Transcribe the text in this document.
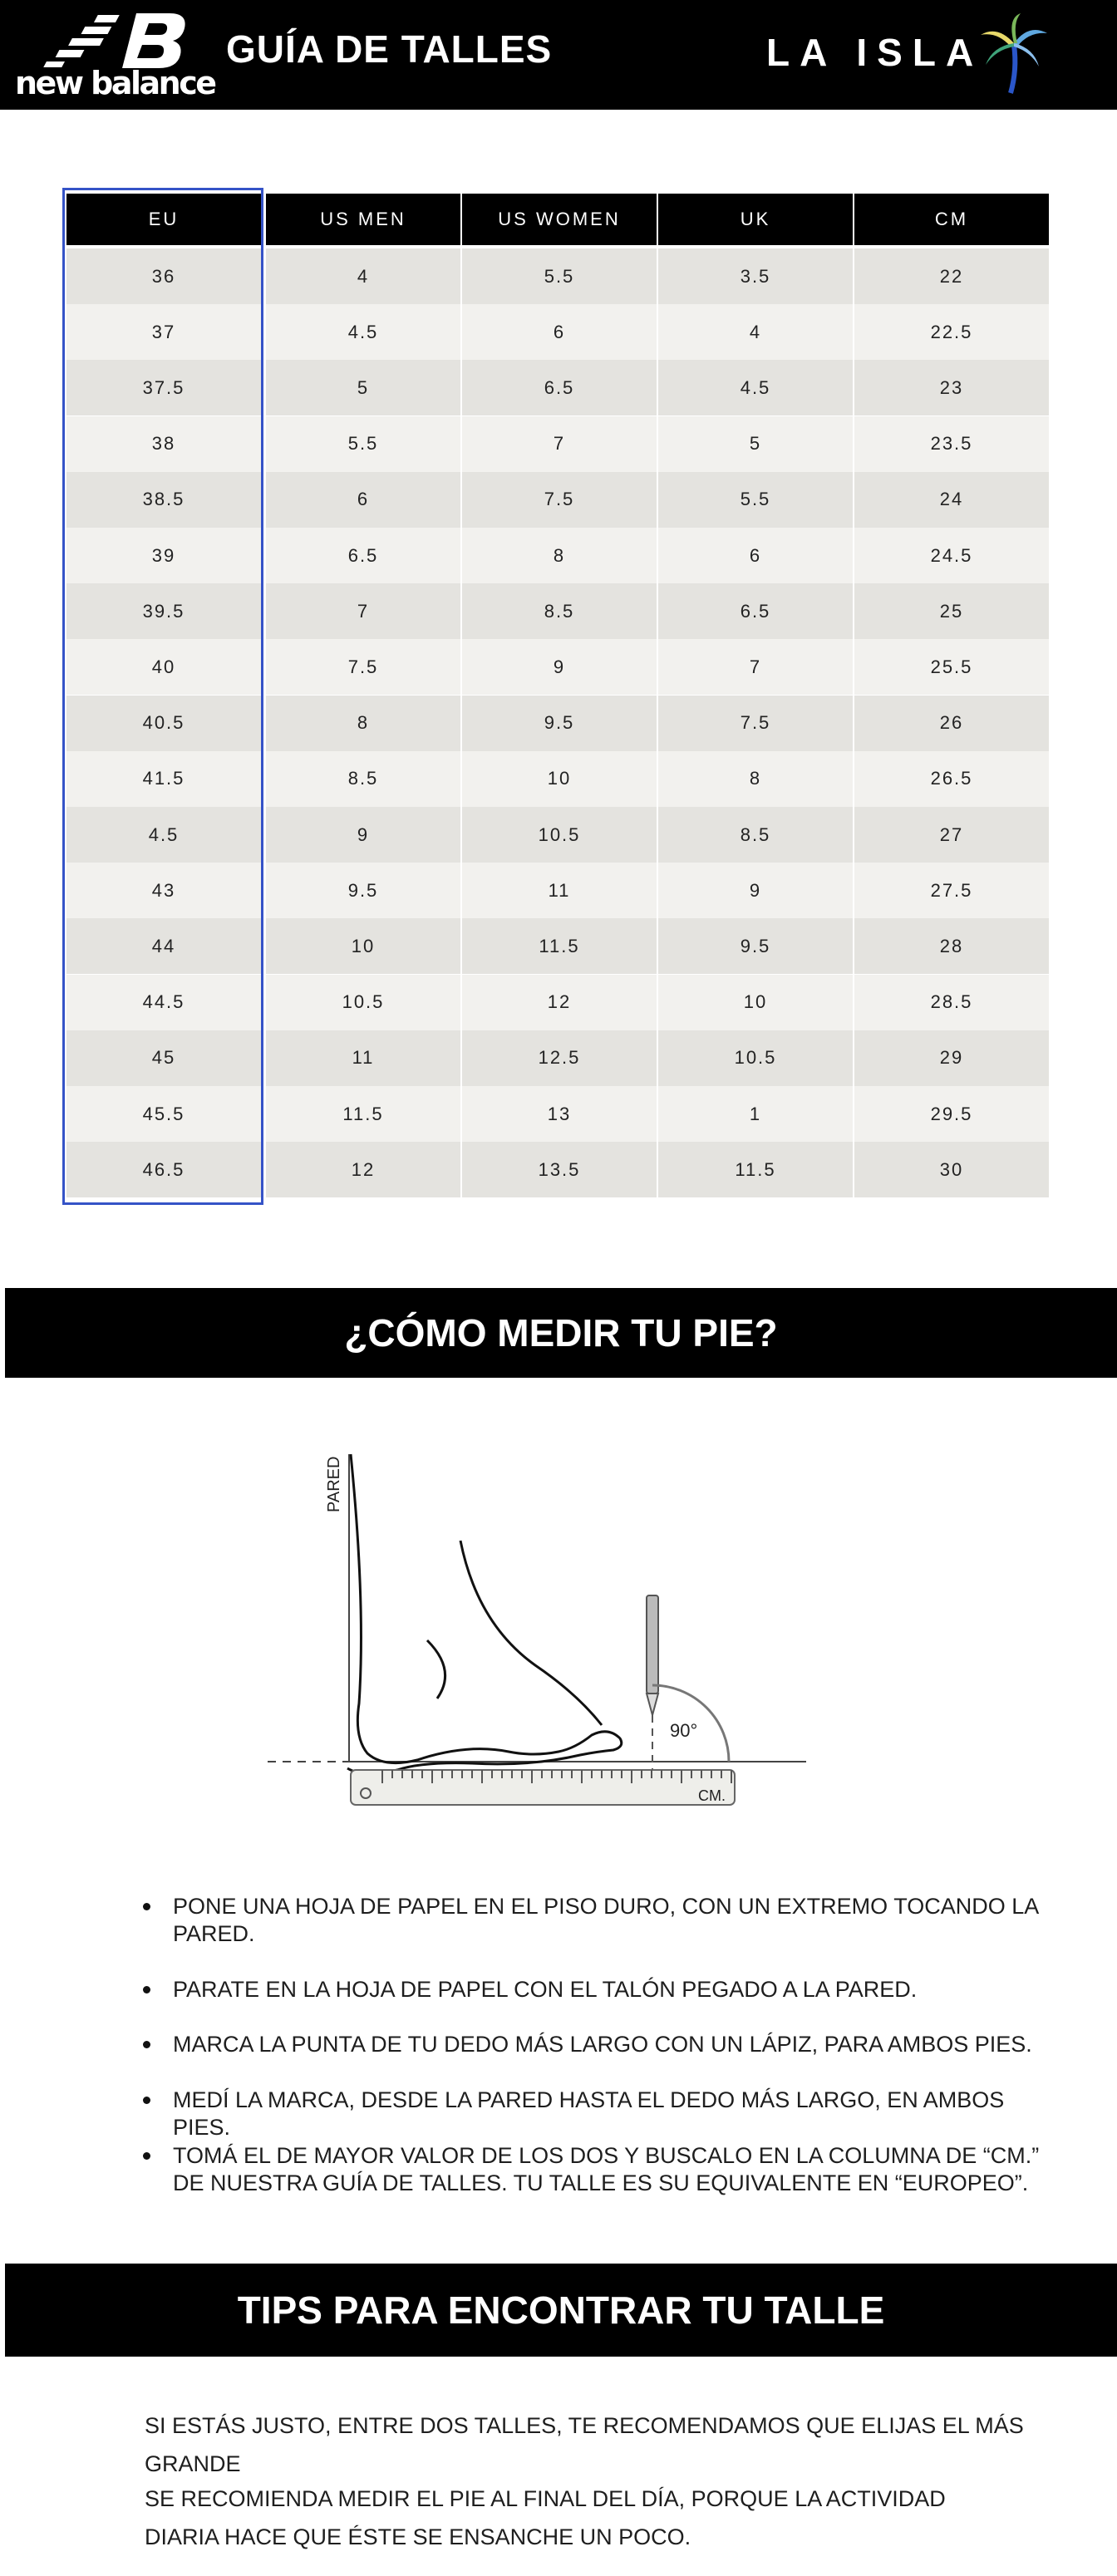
new balance
GUÍA DE TALLES	LA ISLA
EU	US MEN	US WOMEN	UK	CM
36	4	5.5	3.5	22
37	4.5	6	4	22.5
37.5	5	6.5	4.5	23
38	5.5	7	5	23.5
38.5	6	7.5	5.5	24
39	6.5	8	6	24.5
39.5	7	8.5	6.5	25
40	7.5	9	7	25.5
40.5	8	9.5	7.5	26
41.5	8.5	10	8	26.5
4.5	9	10.5	8.5	27
43	9.5	11	9	27.5
44	10	11.5	9.5	28
44.5	10.5	12	10	28.5
45	11	12.5	10.5	29
45.5	11.5	13	1	29.5
46.5	12	13.5	11.5	30
¿CÓMO MEDIR TU PIE?
PARED
90°
CM.

PONE UNA HOJA DE PAPEL EN EL PISO DURO, CON UN EXTREMO TOCANDO LA
PARED.

PARATE EN LA HOJA DE PAPEL CON EL TALÓN PEGADO A LA PARED.

MARCA LA PUNTA DE TU DEDO MÁS LARGO CON UN LÁPIZ, PARA AMBOS PIES.

MEDÍ LA MARCA, DESDE LA PARED HASTA EL DEDO MÁS LARGO, EN AMBOS PIES.

TOMÁ EL DE MAYOR VALOR DE LOS DOS Y BUSCALO EN LA COLUMNA DE “CM.”
DE NUESTRA GUÍA DE TALLES. TU TALLE ES SU EQUIVALENTE EN “EUROPEO”.

TIPS PARA ENCONTRAR TU TALLE
SI ESTÁS JUSTO, ENTRE DOS TALLES, TE RECOMENDAMOS QUE ELIJAS EL MÁS GRANDE
SE RECOMIENDA MEDIR EL PIE AL FINAL DEL DÍA, PORQUE LA ACTIVIDAD
DIARIA HACE QUE ÉSTE SE ENSANCHE UN POCO.
